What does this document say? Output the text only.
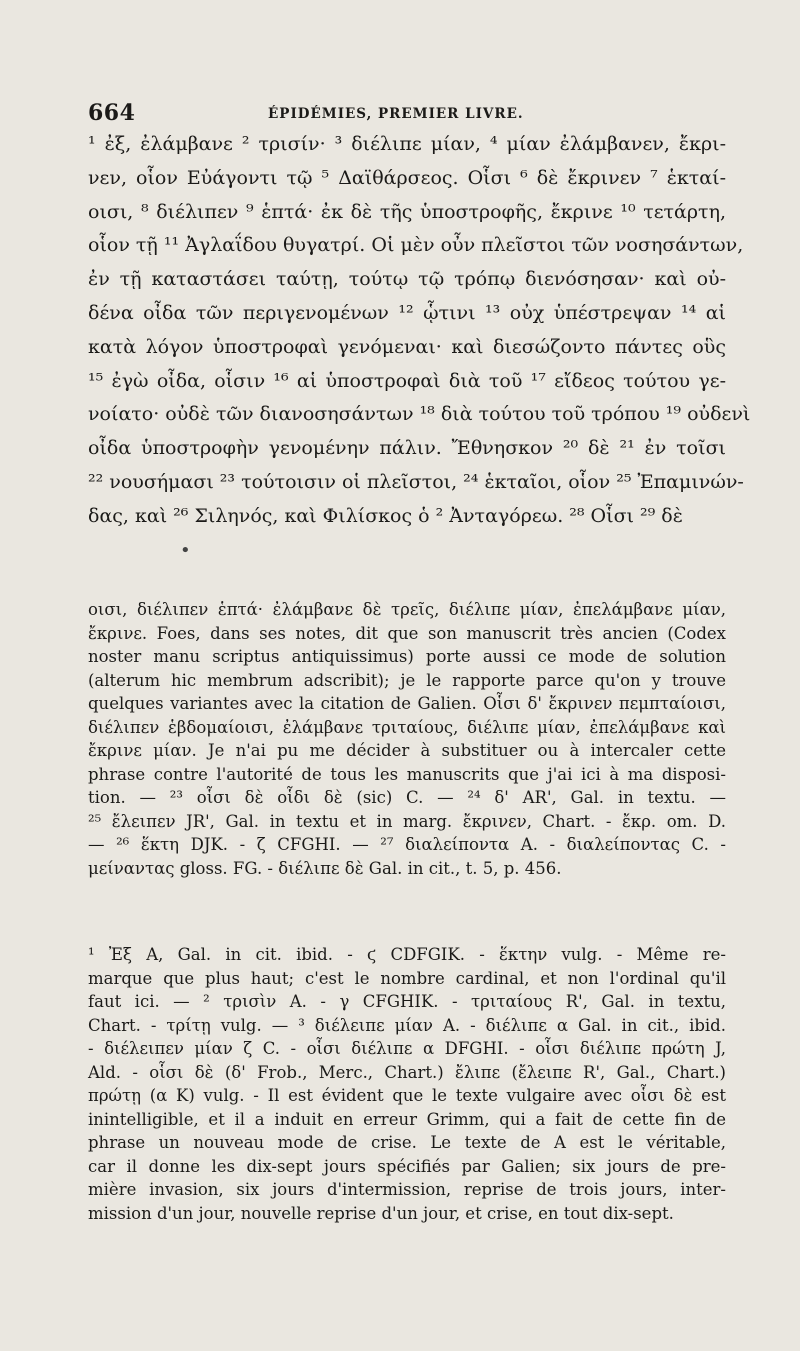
664	ÉPIDÉMIES, PREMIER LIVRE.
¹ ἐξ, ἐλάμβανε ² τρισίν· ³ διέλιπε μίαν, ⁴ μίαν ἐλάμβανεν, ἔκρι-
νεν, οἷον Εὐάγοντι τῷ ⁵ Δαϊθάρσεος. Οἷσι ⁶ δὲ ἔκρινεν ⁷ ἑκταί-
οισι, ⁸ διέλιπεν ⁹ ἑπτά· ἐκ δὲ τῆς ὑποστροφῆς, ἔκρινε ¹⁰ τετάρτη,
οἷον τῇ ¹¹ Ἀγλαΐδου θυγατρί. Οἱ μὲν οὖν πλεῖστοι τῶν νοσησάντων,
ἐν τῇ καταστάσει ταύτῃ, τούτῳ τῷ τρόπῳ διενόσησαν· καὶ οὐ-
δένα οἶδα τῶν περιγενομένων ¹² ᾧτινι ¹³ οὐχ ὑπέστρεψαν ¹⁴ αἱ
κατὰ λόγον ὑποστροφαὶ γενόμεναι· καὶ διεσώζοντο πάντες οὓς
¹⁵ ἐγὼ οἶδα, οἷσιν ¹⁶ αἱ ὑποστροφαὶ διὰ τοῦ ¹⁷ εἴδεος τούτου γε-
νοίατο· οὐδὲ τῶν διανοσησάντων ¹⁸ διὰ τούτου τοῦ τρόπου ¹⁹ οὐδενὶ
οἶδα ὑποστροφὴν γενομένην πάλιν. Ἔθνησκον ²⁰ δὲ ²¹ ἐν τοῖσι
²² νουσήμασι ²³ τούτοισιν οἱ πλεῖστοι, ²⁴ ἑκταῖοι, οἷον ²⁵ Ἐπαμινών-
δας, καὶ ²⁶ Σιληνός, καὶ Φιλίσκος ὁ ² Ἀνταγόρεω. ²⁸ Οἷσι ²⁹ δὲ
•
οισι, διέλιπεν ἑπτά· ἐλάμβανε δὲ τρεῖς, διέλιπε μίαν, ἐπελάμβανε μίαν,
ἔκρινε. Foes, dans ses notes, dit que son manuscrit très ancien (Codex
noster manu scriptus antiquissimus) porte aussi ce mode de solution
(alterum hic membrum adscribit); je le rapporte parce qu'on y trouve
quelques variantes avec la citation de Galien. Οἷσι δ' ἔκρινεν πεμπταίοισι,
διέλιπεν ἑβδομαίοισι, ἐλάμβανε τριταίους, διέλιπε μίαν, ἐπελάμβανε καὶ
ἔκρινε μίαν. Je n'ai pu me décider à substituer ou à intercaler cette
phrase contre l'autorité de tous les manuscrits que j'ai ici à ma disposi-
tion. — ²³ οἷσι δὲ οἷδι δὲ (sic) C. — ²⁴ δ' AR', Gal. in textu. —
²⁵ ἔλειπεν JR', Gal. in textu et in marg. ἔκρινεν, Chart. - ἔκρ. om. D.
— ²⁶ ἕκτη DJK. - ζ CFGHI. — ²⁷ διαλείποντα A. - διαλείποντας C. -
μείναντας gloss. FG. - διέλιπε δὲ Gal. in cit., t. 5, p. 456.
¹ Ἐξ A, Gal. in cit. ibid. - ϛ CDFGIK. - ἕκτην vulg. - Même re-
marque que plus haut; c'est le nombre cardinal, et non l'ordinal qu'il
faut ici. — ² τρισὶν A. - γ CFGHIK. - τριταίους R', Gal. in textu,
Chart. - τρίτῃ vulg. — ³ διέλειπε μίαν A. - διέλιπε α Gal. in cit., ibid.
- διέλειπεν μίαν ζ C. - οἷσι διέλιπε α DFGHI. - οἷσι διέλιπε πρώτη J,
Ald. - οἷσι δὲ (δ' Frob., Merc., Chart.) ἔλιπε (ἔλειπε R', Gal., Chart.)
πρώτῃ (α K) vulg. - Il est évident que le texte vulgaire avec οἷσι δὲ est
inintelligible, et il a induit en erreur Grimm, qui a fait de cette fin de
phrase un nouveau mode de crise. Le texte de A est le véritable,
car il donne les dix-sept jours spécifiés par Galien; six jours de pre-
mière invasion, six jours d'intermission, reprise de trois jours, inter-
mission d'un jour, nouvelle reprise d'un jour, et crise, en tout dix-sept.
